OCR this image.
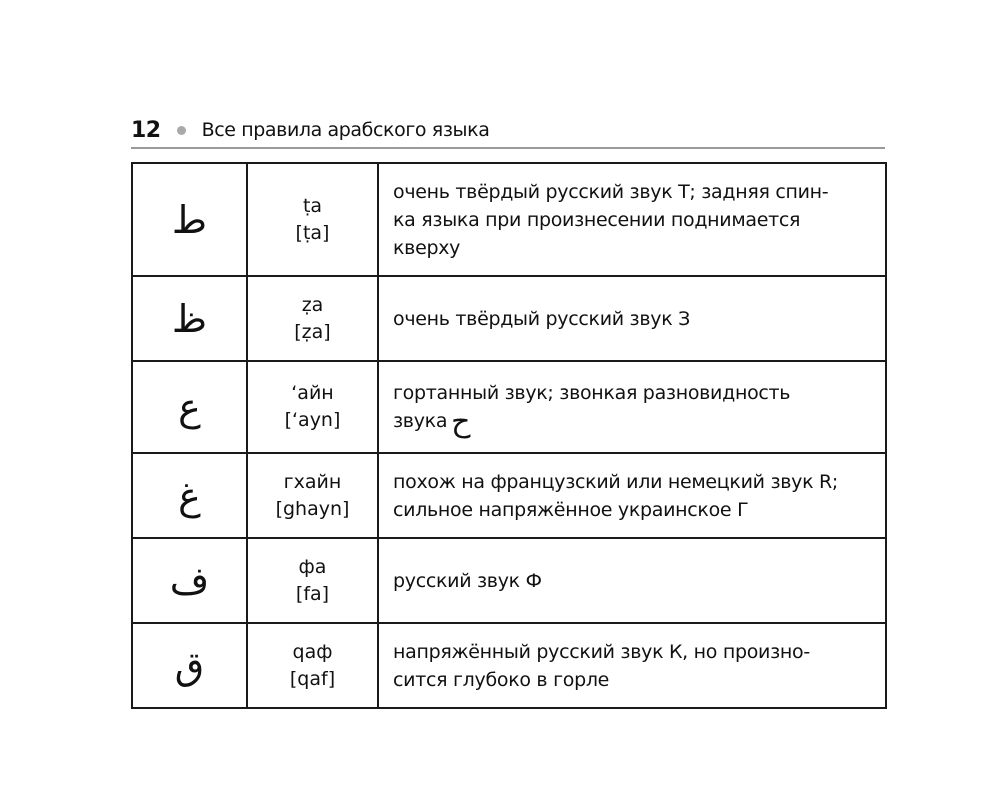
12 Все правила арабского языка
ط	ṭa
[ṭa]	очень твёрдый русский звук Т; задняя спин-
ка языка при произнесении поднимается
кверху

ظ	ẓa
[ẓa]	очень твёрдый русский звук З

ع	ʻайн
[ʻayn]	гортанный звук; звонкая разновидность
звука ح

غ	гхайн
[ghayn]	похож на французский или немецкий звук R;
сильное напряжённое украинское Г

ف	фа
[fa]	русский звук Ф

ق	qаф
[qaf]	напряжённый русский звук К, но произно-
сится глубоко в горле
